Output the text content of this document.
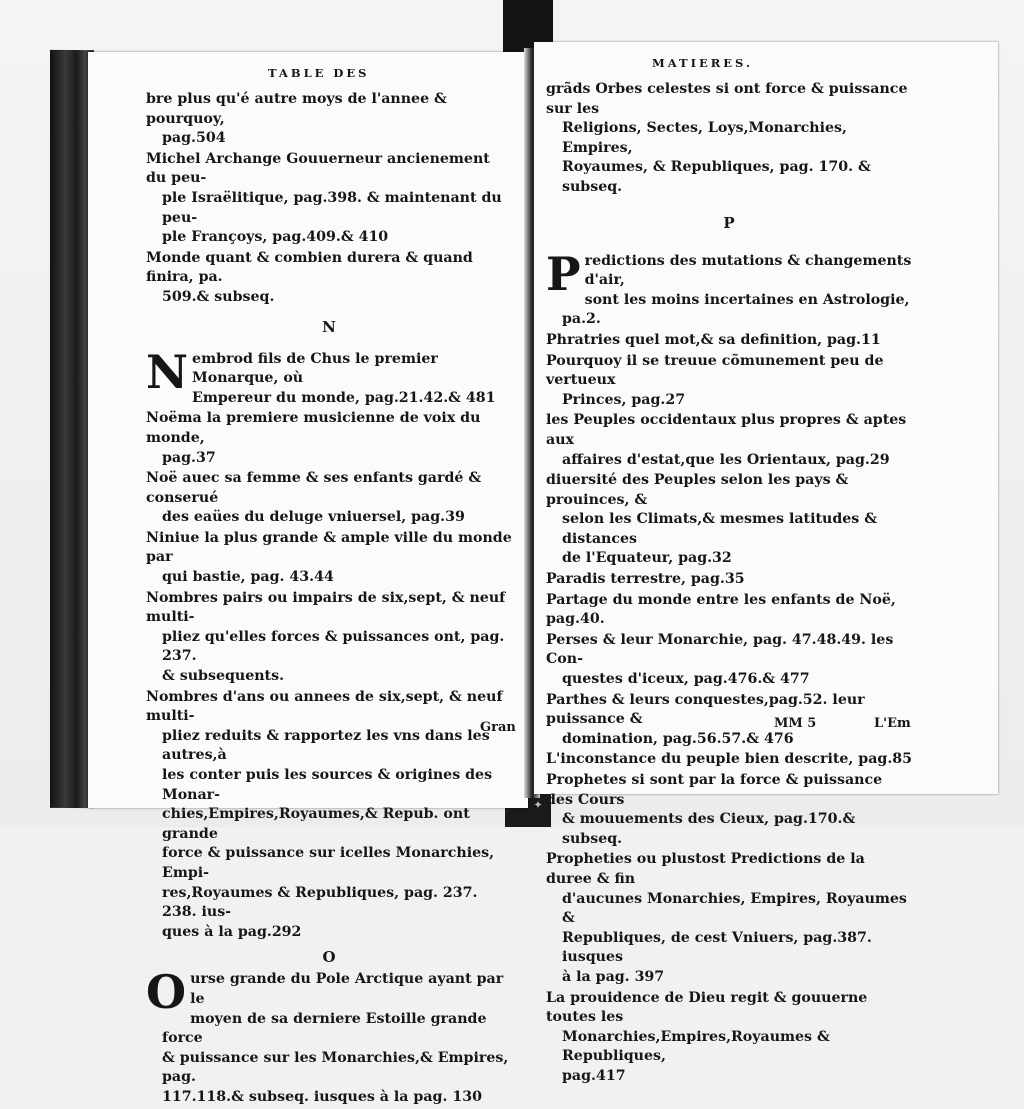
✦
TABLE DES
bre plus qu'é autre moys de l'annee & pourquoy,
pag.504
Michel Archange Gouuerneur ancienement du peu-
ple Israëlitique, pag.398. & maintenant du peu-
ple Françoys, pag.409.& 410
Monde quant & combien durera & quand finira, pa.
509.& subseq.
N
Nembrod fils de Chus le premier Monarque, où
Empereur du monde, pag.21.42.& 481
Noëma la premiere musicienne de voix du monde,
pag.37
Noë auec sa femme & ses enfants gardé & conserué
des eaües du deluge vniuersel, pag.39
Niniue la plus grande & ample ville du monde par
qui bastie, pag. 43.44
Nombres pairs ou impairs de six,sept, & neuf multi-
pliez qu'elles forces & puissances ont, pag. 237.
& subsequents.
Nombres d'ans ou annees de six,sept, & neuf multi-
pliez reduits & rapportez les vns dans les autres,à
les conter puis les sources & origines des Monar-
chies,Empires,Royaumes,& Repub. ont grande
force & puissance sur icelles Monarchies, Empi-
res,Royaumes & Republiques, pag. 237. 238. ius-
ques à la pag.292
O
Ourse grande du Pole Arctique ayant par le
moyen de sa derniere Estoille grande force
& puissance sur les Monarchies,& Empires, pag.
117.118.& subseq. iusques à la pag. 130
Gran
MATIERES.
grãds Orbes celestes si ont force & puissance sur les
Religions, Sectes, Loys,Monarchies, Empires,
Royaumes, & Republiques, pag. 170. & subseq.
P
Predictions des mutations & changements d'air,
sont les moins incertaines en Astrologie, pa.2.
Phratries quel mot,& sa definition, pag.11
Pourquoy il se treuue cõmunement peu de vertueux
Princes, pag.27
les Peuples occidentaux plus propres & aptes aux
affaires d'estat,que les Orientaux, pag.29
diuersité des Peuples selon les pays & prouinces, &
selon les Climats,& mesmes latitudes & distances
de l'Equateur, pag.32
Paradis terrestre, pag.35
Partage du monde entre les enfants de Noë, pag.40.
Perses & leur Monarchie, pag. 47.48.49. les Con-
questes d'iceux, pag.476.& 477
Parthes & leurs conquestes,pag.52. leur puissance &
domination, pag.56.57.& 476
L'inconstance du peuple bien descrite, pag.85
Prophetes si sont par la force & puissance des Cours
& mouuements des Cieux, pag.170.& subseq.
Propheties ou plustost Predictions de la duree & fin
d'aucunes Monarchies, Empires, Royaumes &
Republiques, de cest Vniuers, pag.387. iusques
à la pag. 397
La prouidence de Dieu regit & gouuerne toutes les
Monarchies,Empires,Royaumes & Republiques,
pag.417
MM 5	L'Em
